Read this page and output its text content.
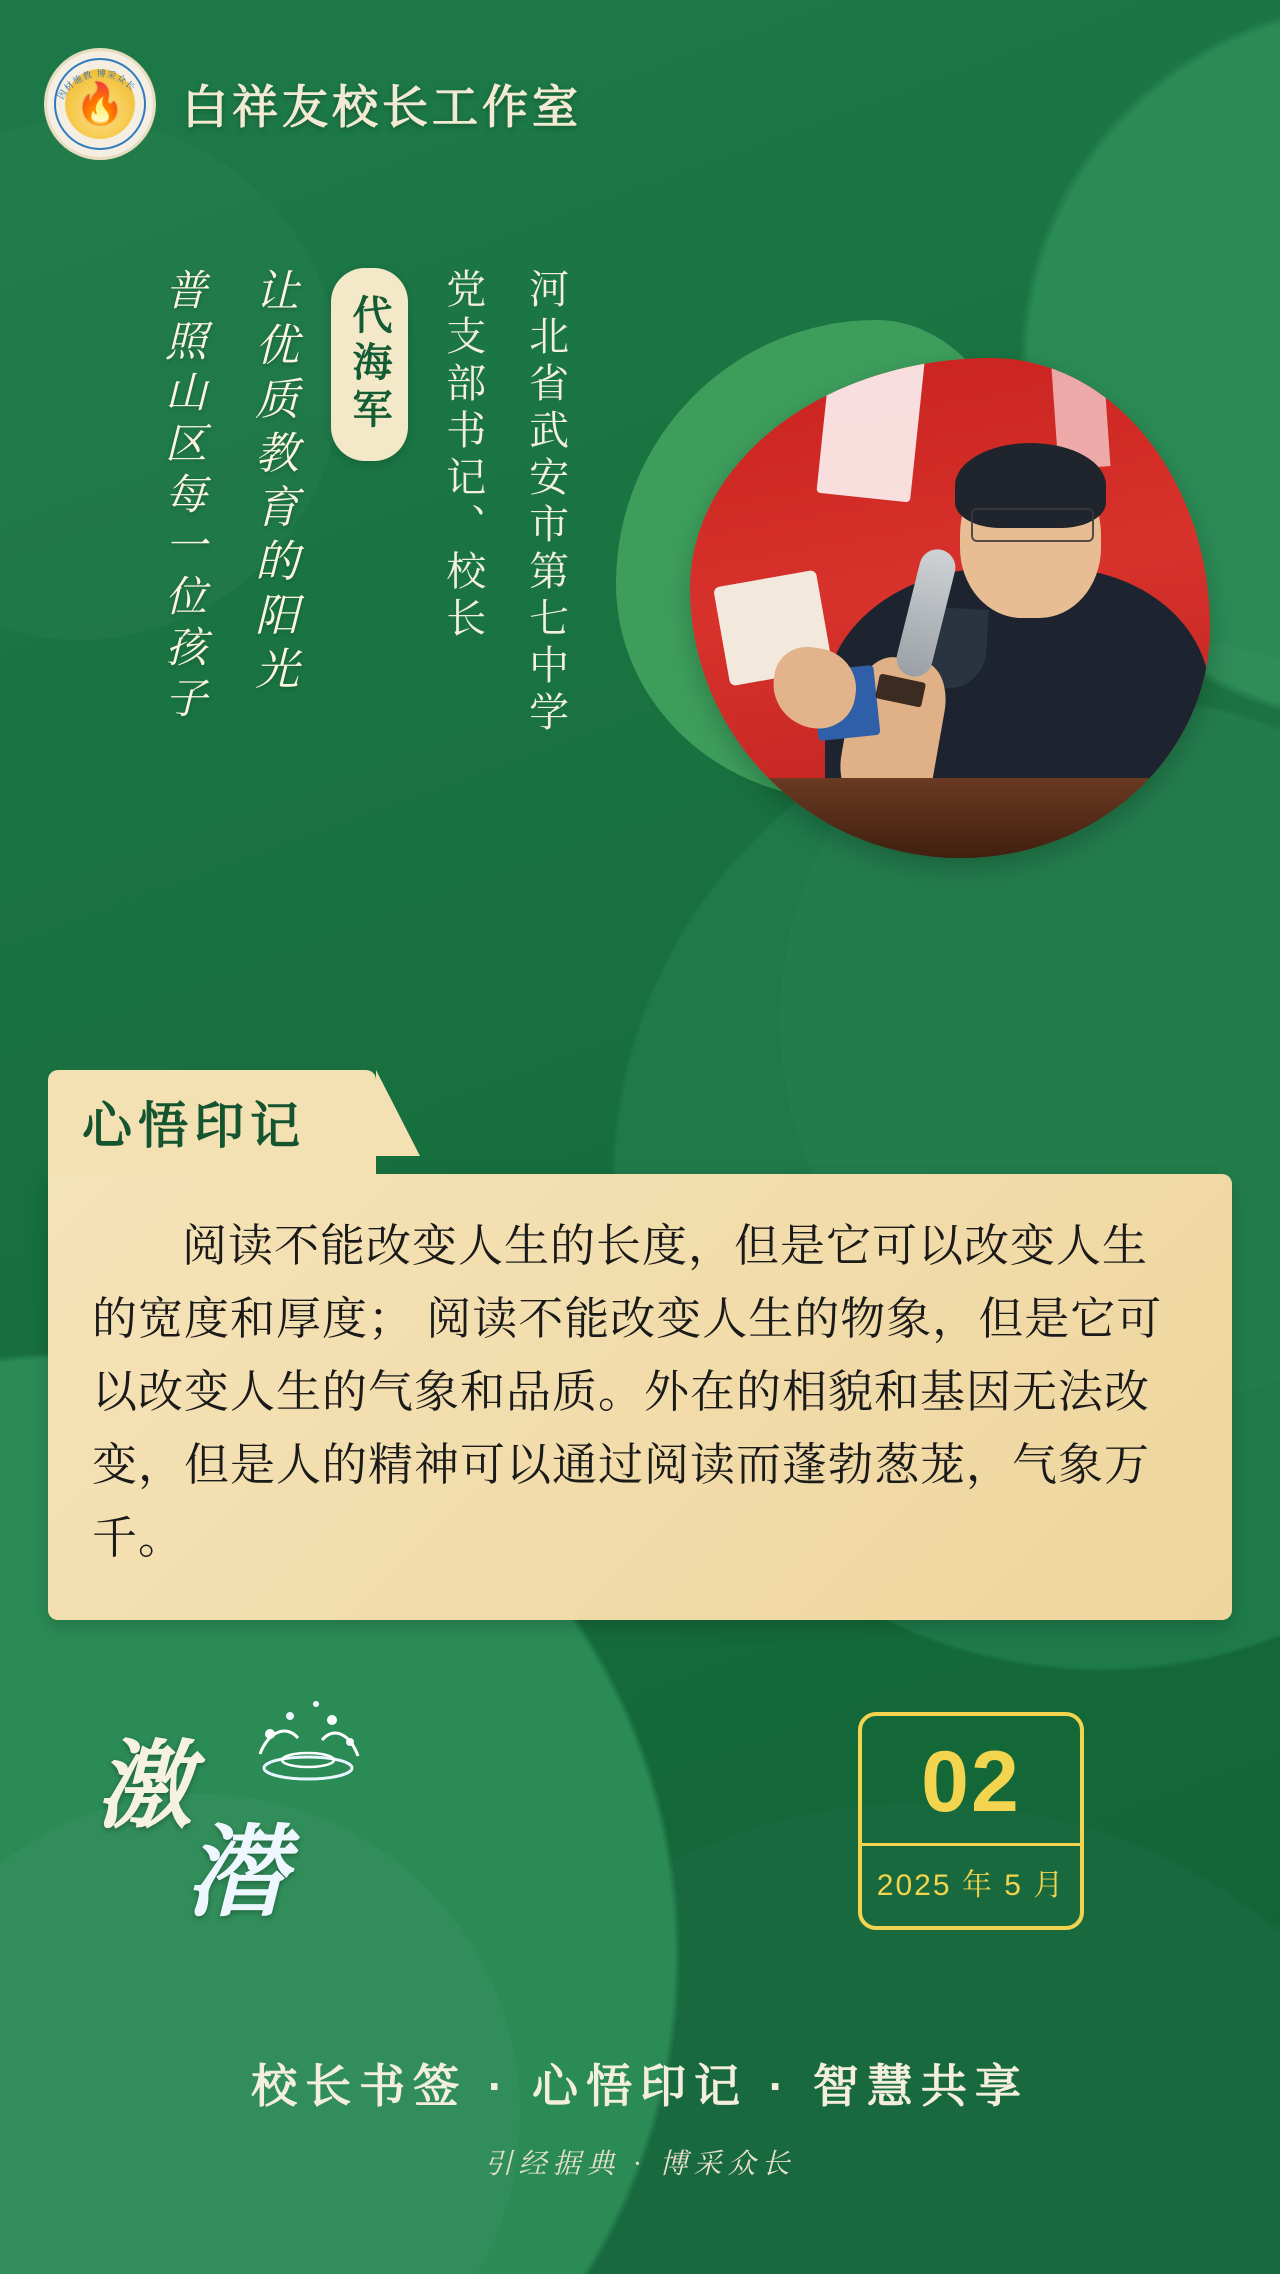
因材施教 博采众长
🔥 白祥友校长工作室
河北省武安市第七中学
党支部书记、校长
代海军
让优质教育的阳光
普照山区每一位孩子
心悟印记
阅读不能改变人生的长度，但是它可以改变人生的宽度和厚度； 阅读不能改变人生的物象，但是它可以改变人生的气象和品质。外在的相貌和基因无法改变，但是人的精神可以通过阅读而蓬勃葱茏，气象万千。
激
潜
02
2025 年 5 月
校长书签 · 心悟印记 · 智慧共享
引经据典 · 博采众长
